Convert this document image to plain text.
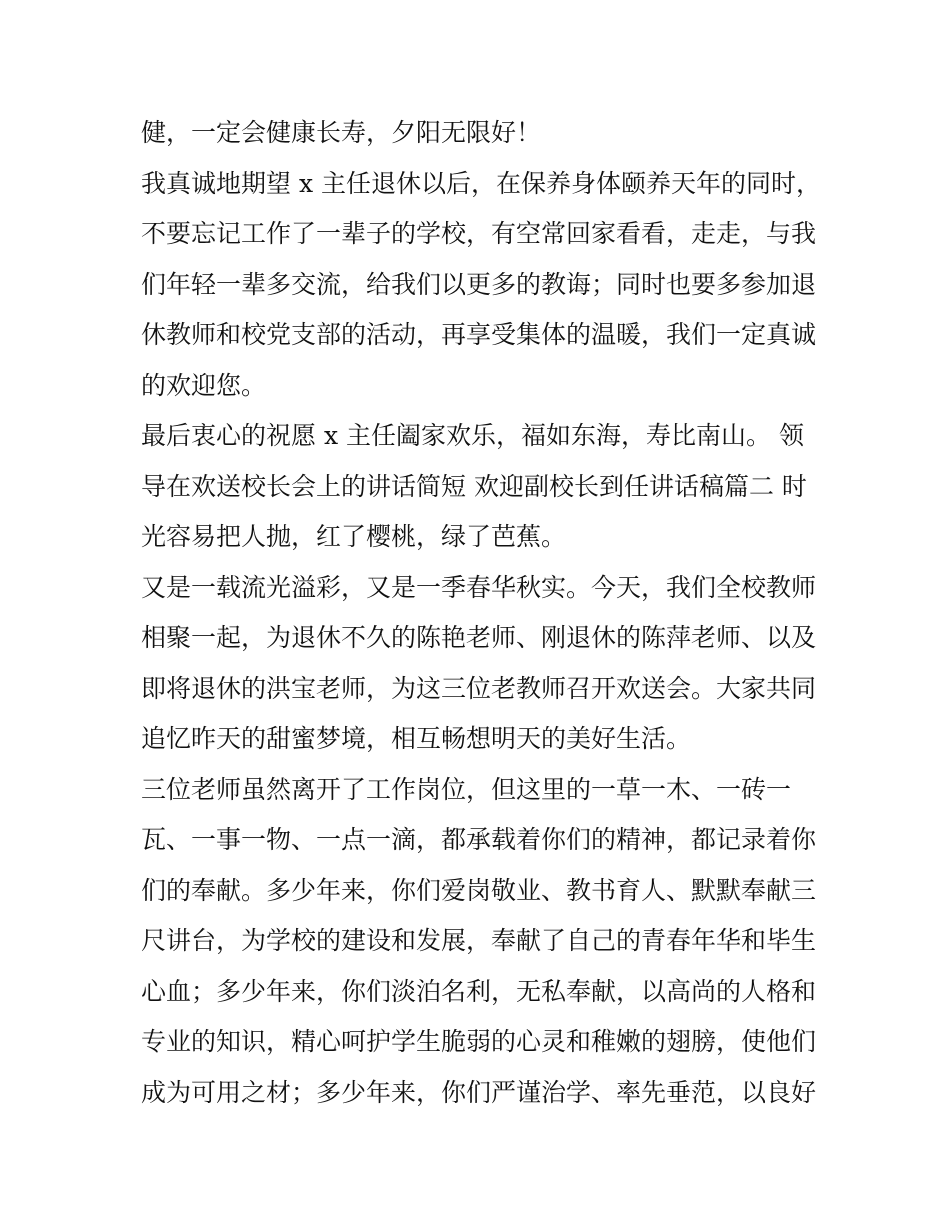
健，一定会健康长寿，夕阳无限好！
我真诚地期望 x 主任退休以后，在保养身体颐养天年的同时，
不要忘记工作了一辈子的学校，有空常回家看看，走走，与我
们年轻一辈多交流，给我们以更多的教诲；同时也要多参加退
休教师和校党支部的活动，再享受集体的温暖，我们一定真诚
的欢迎您。
最后衷心的祝愿 x 主任阖家欢乐，福如东海，寿比南山。 领
导在欢送校长会上的讲话简短 欢迎副校长到任讲话稿篇二 时
光容易把人抛，红了樱桃，绿了芭蕉。
又是一载流光溢彩，又是一季春华秋实。今天，我们全校教师
相聚一起，为退休不久的陈艳老师、刚退休的陈萍老师、以及
即将退休的洪宝老师，为这三位老教师召开欢送会。大家共同
追忆昨天的甜蜜梦境，相互畅想明天的美好生活。
三位老师虽然离开了工作岗位，但这里的一草一木、一砖一
瓦、一事一物、一点一滴，都承载着你们的精神，都记录着你
们的奉献。多少年来，你们爱岗敬业、教书育人、默默奉献三
尺讲台，为学校的建设和发展，奉献了自己的青春年华和毕生
心血；多少年来，你们淡泊名利，无私奉献，以高尚的人格和
专业的知识，精心呵护学生脆弱的心灵和稚嫩的翅膀，使他们
成为可用之材；多少年来，你们严谨治学、率先垂范，以良好
